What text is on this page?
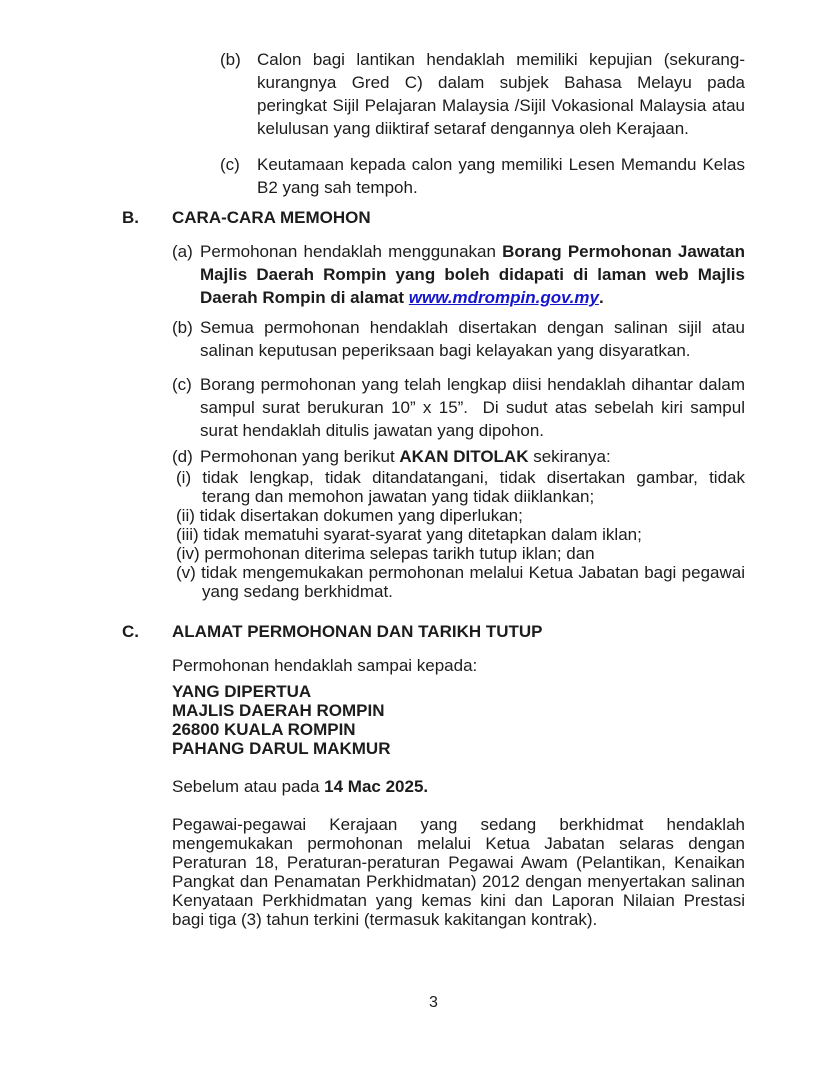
(b) Calon bagi lantikan hendaklah memiliki kepujian (sekurang-kurangnya Gred C) dalam subjek Bahasa Melayu pada peringkat Sijil Pelajaran Malaysia /Sijil Vokasional Malaysia atau kelulusan yang diiktiraf setaraf dengannya oleh Kerajaan.
(c)	Keutamaan kepada calon yang memiliki Lesen Memandu Kelas B2 yang sah tempoh.
B.	CARA-CARA MEMOHON
(a) Permohonan hendaklah menggunakan Borang Permohonan Jawatan Majlis Daerah Rompin yang boleh didapati di laman web Majlis Daerah Rompin di alamat www.mdrompin.gov.my.
(b) Semua permohonan hendaklah disertakan dengan salinan sijil atau salinan keputusan peperiksaan bagi kelayakan yang disyaratkan.
(c) Borang permohonan yang telah lengkap diisi hendaklah dihantar dalam sampul surat berukuran 10” x 15”.  Di sudut atas sebelah kiri sampul surat hendaklah ditulis jawatan yang dipohon.
(d) Permohonan yang berikut AKAN DITOLAK sekiranya:
(i) tidak lengkap, tidak ditandatangani, tidak disertakan gambar, tidak terang dan memohon jawatan yang tidak diiklankan;
(ii) tidak disertakan dokumen yang diperlukan;
(iii) tidak mematuhi syarat-syarat yang ditetapkan dalam iklan;
(iv) permohonan diterima selepas tarikh tutup iklan; dan
(v) tidak mengemukakan permohonan melalui Ketua Jabatan bagi pegawai yang sedang berkhidmat.
C.	ALAMAT PERMOHONAN DAN TARIKH TUTUP
Permohonan hendaklah sampai kepada:
YANG DIPERTUA
MAJLIS DAERAH ROMPIN
26800 KUALA ROMPIN
PAHANG DARUL MAKMUR
Sebelum atau pada 14 Mac 2025.
Pegawai-pegawai Kerajaan yang sedang berkhidmat hendaklah mengemukakan permohonan melalui Ketua Jabatan selaras dengan Peraturan 18, Peraturan-peraturan Pegawai Awam (Pelantikan, Kenaikan Pangkat dan Penamatan Perkhidmatan) 2012 dengan menyertakan salinan Kenyataan Perkhidmatan yang kemas kini dan Laporan Nilaian Prestasi bagi tiga (3) tahun terkini (termasuk kakitangan kontrak).
3
